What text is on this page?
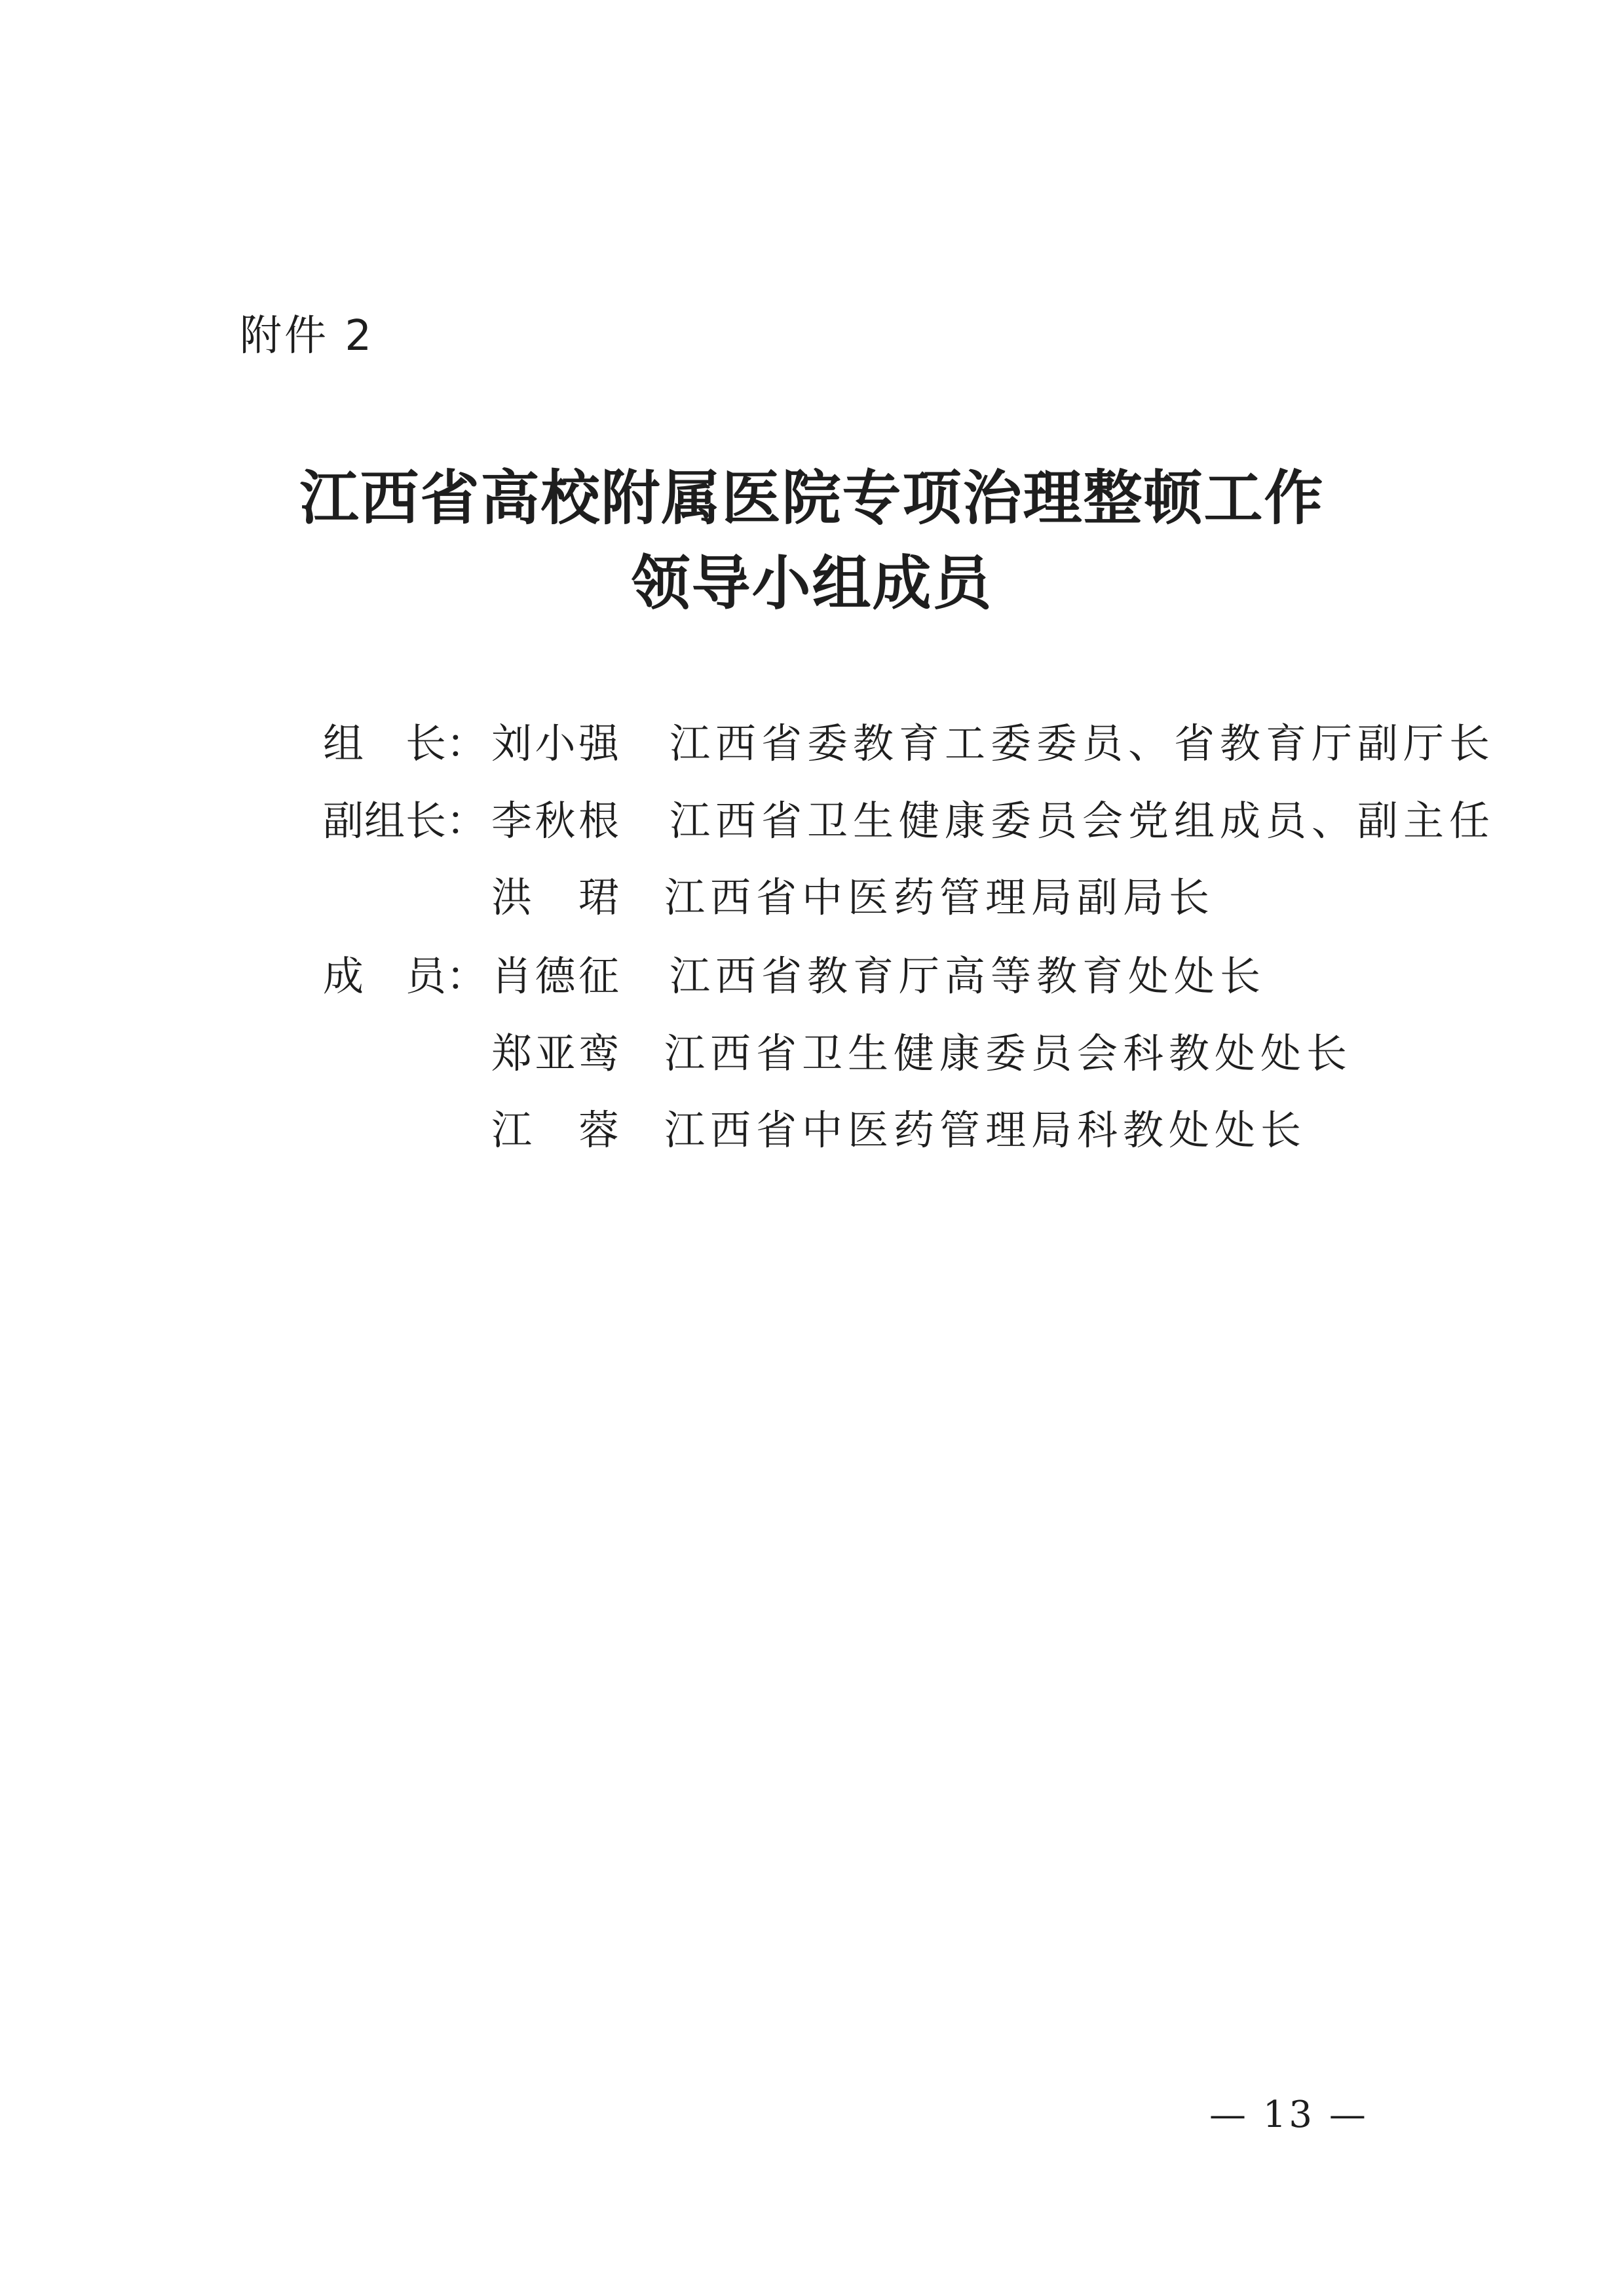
附件 2
江西省高校附属医院专项治理整顿工作
领导小组成员
组 长： 刘 小 强 江西省委教育工委委员、省教育厅副厅长
副 组 长： 李 秋 根 江西省卫生健康委员会党组成员、副主任
洪 珺 江西省中医药管理局副局长
成 员： 肖 德 征 江西省教育厅高等教育处处长
郑 亚 鸾 江西省卫生健康委员会科教处处长
江 蓉 江西省中医药管理局科教处处长
— 13 —
